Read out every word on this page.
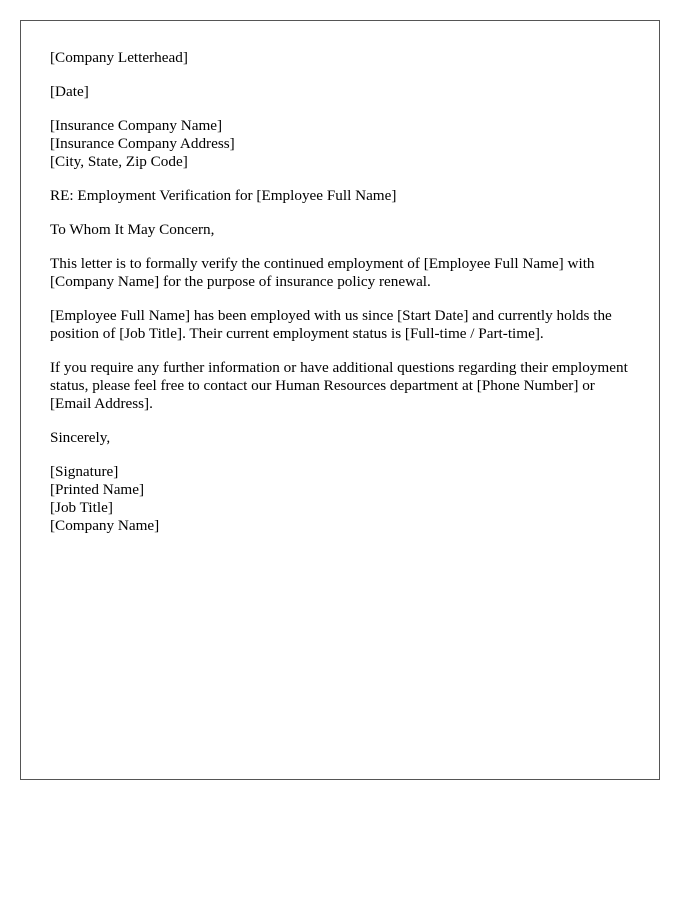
[Company Letterhead]

[Date]

[Insurance Company Name]
[Insurance Company Address]
[City, State, Zip Code]

RE: Employment Verification for [Employee Full Name]

To Whom It May Concern,

This letter is to formally verify the continued employment of [Employee Full Name] with [Company Name] for the purpose of insurance policy renewal.

[Employee Full Name] has been employed with us since [Start Date] and currently holds the position of [Job Title]. Their current employment status is [Full-time / Part-time].

If you require any further information or have additional questions regarding their employment status, please feel free to contact our Human Resources department at [Phone Number] or [Email Address].

Sincerely,

[Signature]
[Printed Name]
[Job Title]
[Company Name]
